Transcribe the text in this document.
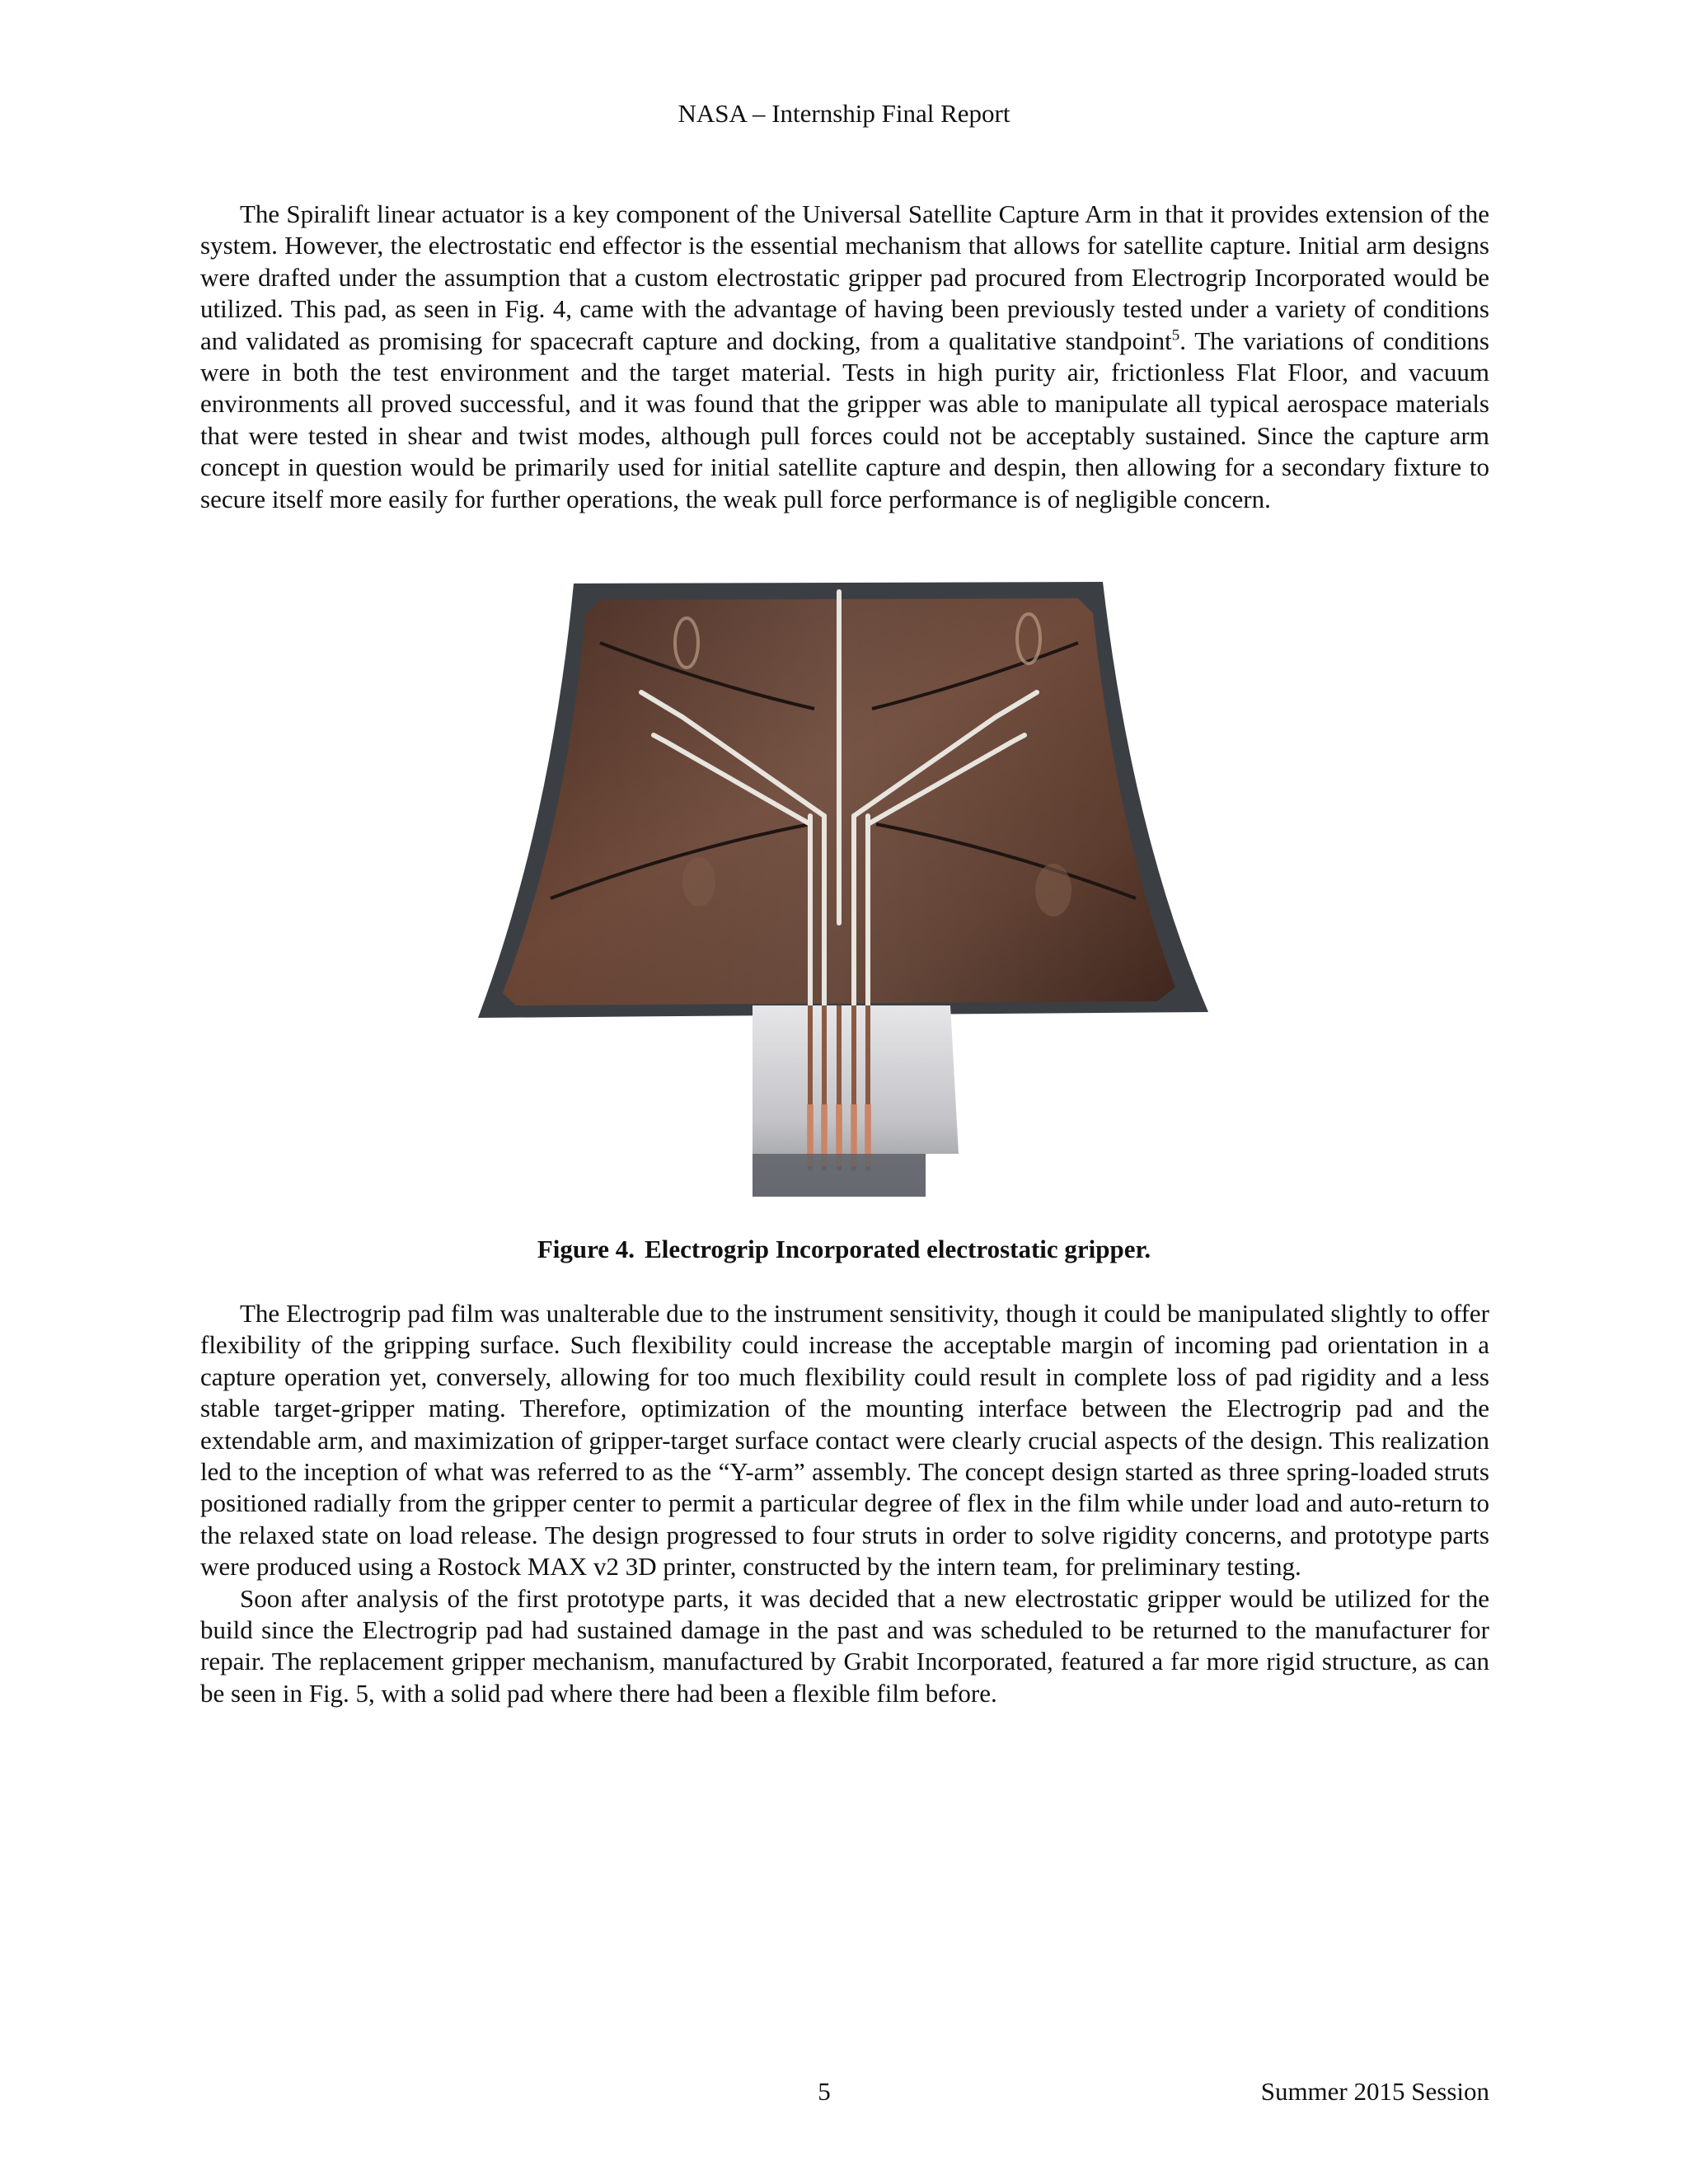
NASA – Internship Final Report

The Spiralift linear actuator is a key component of the Universal Satellite Capture Arm in that it provides extension of the system. However, the electrostatic end effector is the essential mechanism that allows for satellite capture. Initial arm designs were drafted under the assumption that a custom electrostatic gripper pad procured from Electrogrip Incorporated would be utilized. This pad, as seen in Fig. 4, came with the advantage of having been previously tested under a variety of conditions and validated as promising for spacecraft capture and docking, from a qualitative standpoint$^5$. The variations of conditions were in both the test environment and the target material. Tests in high purity air, frictionless Flat Floor, and vacuum environments all proved successful, and it was found that the gripper was able to manipulate all typical aerospace materials that were tested in shear and twist modes, although pull forces could not be acceptably sustained. Since the capture arm concept in question would be primarily used for initial satellite capture and despin, then allowing for a secondary fixture to secure itself more easily for further operations, the weak pull force performance is of negligible concern.

Figure 4. Electrogrip Incorporated electrostatic gripper.

The Electrogrip pad film was unalterable due to the instrument sensitivity, though it could be manipulated slightly to offer flexibility of the gripping surface. Such flexibility could increase the acceptable margin of incoming pad orientation in a capture operation yet, conversely, allowing for too much flexibility could result in complete loss of pad rigidity and a less stable target-gripper mating. Therefore, optimization of the mounting interface between the Electrogrip pad and the extendable arm, and maximization of gripper-target surface contact were clearly crucial aspects of the design. This realization led to the inception of what was referred to as the “Y-arm” assembly. The concept design started as three spring-loaded struts positioned radially from the gripper center to permit a particular degree of flex in the film while under load and auto-return to the relaxed state on load release. The design progressed to four struts in order to solve rigidity concerns, and prototype parts were produced using a Rostock MAX v2 3D printer, constructed by the intern team, for preliminary testing.

Soon after analysis of the first prototype parts, it was decided that a new electrostatic gripper would be utilized for the build since the Electrogrip pad had sustained damage in the past and was scheduled to be returned to the manufacturer for repair. The replacement gripper mechanism, manufactured by Grabit Incorporated, featured a far more rigid structure, as can be seen in Fig. 5, with a solid pad where there had been a flexible film before.

5	Summer 2015 Session
